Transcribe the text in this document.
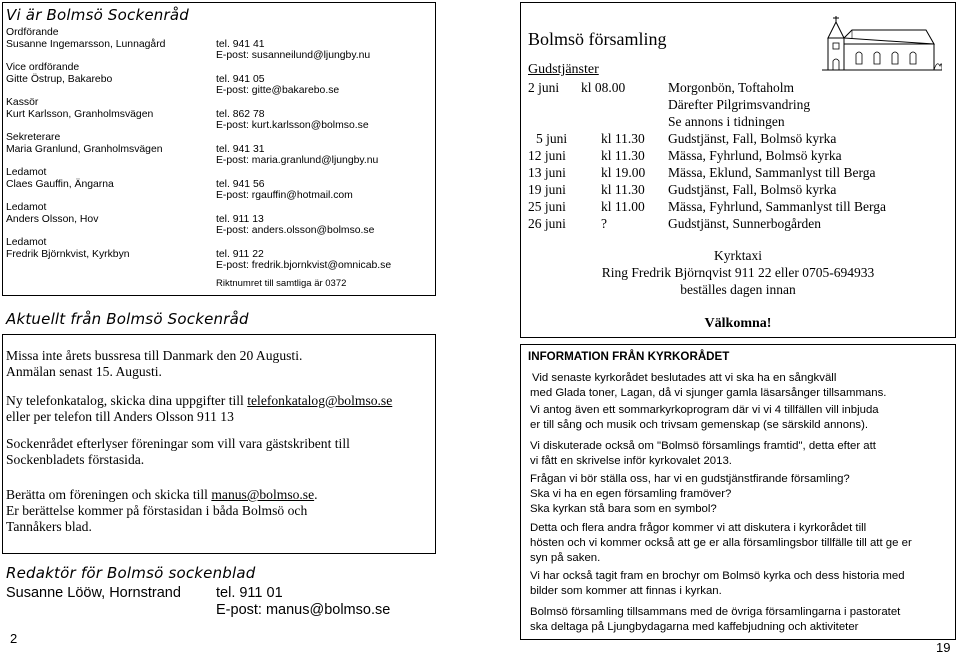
Vi är Bolmsö Sockenråd
Ordförande
Susanne Ingemarsson, Lunnagård	tel. 941 41
E-post: susanneilund@ljungby.nu
Vice ordförande
Gitte Östrup, Bakarebo	tel. 941 05
E-post: gitte@bakarebo.se
Kassör
Kurt Karlsson, Granholmsvägen	tel. 862 78
E-post: kurt.karlsson@bolmso.se
Sekreterare
Maria Granlund, Granholmsvägen	tel. 941 31
E-post: maria.granlund@ljungby.nu
Ledamot
Claes Gauffin, Ängarna	tel. 941 56
E-post: rgauffin@hotmail.com
Ledamot
Anders Olsson, Hov	tel. 911 13
E-post: anders.olsson@bolmso.se
Ledamot
Fredrik Björnkvist, Kyrkbyn	tel. 911 22
E-post: fredrik.bjornkvist@omnicab.se
Riktnumret till samtliga är 0372
Aktuellt från Bolmsö Sockenråd
Missa inte årets bussresa till Danmark den 20 Augusti.
Anmälan senast 15. Augusti.
Ny telefonkatalog, skicka dina uppgifter till telefonkatalog@bolmso.se
eller per telefon till Anders Olsson 911 13
Sockenrådet efterlyser föreningar som vill vara gästskribent till
Sockenbladets förstasida.
Berätta om föreningen och skicka till manus@bolmso.se.
Er berättelse kommer på förstasidan i båda Bolmsö och
Tannåkers blad.
Redaktör för Bolmsö sockenblad
Susanne Lööw, Hornstrand tel. 911 01
E-post: manus@bolmso.se
2
Bolmsö församling
Gudstjänster
2 juni kl 08.00	Morgonbön, Toftaholm
Därefter Pilgrimsvandring
Se annons i tidningen
5 juni	kl 11.30 Gudstjänst, Fall, Bolmsö kyrka
12 juni	kl 11.30 Mässa, Fyhrlund, Bolmsö kyrka
13 juni	kl 19.00 Mässa, Eklund, Sammanlyst till Berga
19 juni	kl 11.30 Gudstjänst, Fall, Bolmsö kyrka
25 juni	kl 11.00 Mässa, Fyhrlund, Sammanlyst till Berga
26 juni	?	Gudstjänst, Sunnerbogården
Kyrktaxi
Ring Fredrik Björnqvist 911 22 eller 0705-694933
beställes dagen innan
Välkomna!
INFORMATION FRÅN KYRKORÅDET
Vid senaste kyrkorådet beslutades att vi ska ha en sångkväll
med Glada toner, Lagan, då vi sjunger gamla läsarsånger tillsammans.
Vi antog även ett sommarkyrkoprogram där vi vi 4 tillfällen vill inbjuda
er till sång och musik och trivsam gemenskap (se särskild annons).
Vi diskuterade också om "Bolmsö församlings framtid", detta efter att
vi fått en skrivelse inför kyrkovalet 2013.
Frågan vi bör ställa oss, har vi en gudstjänstfirande församling?
Ska vi ha en egen församling framöver?
Ska kyrkan stå bara som en symbol?
Detta och flera andra frågor kommer vi att diskutera i kyrkorådet till
hösten och vi kommer också att ge er alla församlingsbor tillfälle till att ge er
syn på saken.
Vi har också tagit fram en brochyr om Bolmsö kyrka och dess historia med
bilder som kommer att finnas i kyrkan.
Bolmsö församling tillsammans med de övriga församlingarna i pastoratet
ska deltaga på Ljungbydagarna med kaffebjudning och aktiviteter
19
